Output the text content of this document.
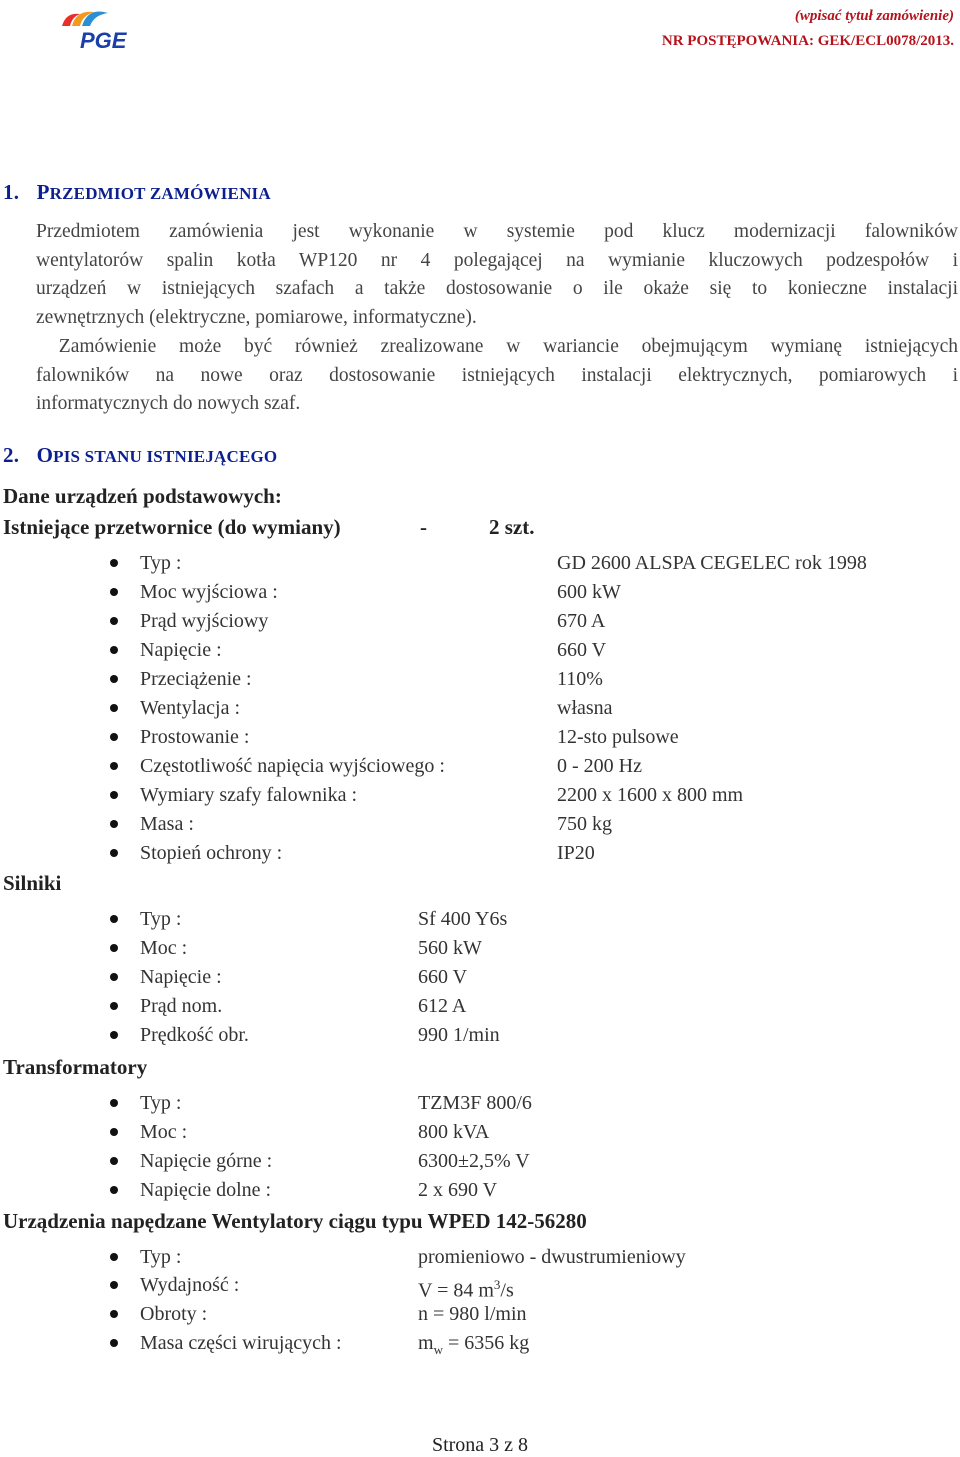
PGE
(wpisać tytuł zamówienie)
NR POSTĘPOWANIA: GEK/ECL0078/2013.
1. PRZEDMIOT ZAMÓWIENIA
Przedmiotem zamówienia jest wykonanie w systemie pod klucz modernizacji falowników
wentylatorów spalin kotła WP120 nr 4 polegającej na wymianie kluczowych podzespołów i
urządzeń w istniejących szafach a także dostosowanie o ile okaże się to konieczne instalacji
zewnętrznych (elektryczne, pomiarowe, informatyczne).
Zamówienie może być również zrealizowane w wariancie obejmującym wymianę istniejących
falowników na nowe oraz dostosowanie istniejących instalacji elektrycznych, pomiarowych i
informatycznych do nowych szaf.
2. OPIS STANU ISTNIEJĄCEGO
Dane urządzeń podstawowych:
Istniejące przetwornice (do wymiany)	-	2 szt.
Typ :	GD 2600 ALSPA CEGELEC rok 1998
Moc wyjściowa :	600 kW
Prąd wyjściowy	670 A
Napięcie :	660 V
Przeciążenie :	110%
Wentylacja :	własna
Prostowanie :	12-sto pulsowe
Częstotliwość napięcia wyjściowego :	0 - 200 Hz
Wymiary szafy falownika :	2200 x 1600 x 800 mm
Masa :	750 kg
Stopień ochrony :	IP20
Silniki
Typ :	Sf 400 Y6s
Moc :	560 kW
Napięcie :	660 V
Prąd nom.	612 A
Prędkość obr.	990 1/min
Transformatory
Typ :	TZM3F 800/6
Moc :	800 kVA
Napięcie górne :	6300±2,5% V
Napięcie dolne :	2 x 690 V
Urządzenia napędzane Wentylatory ciągu typu WPED 142-56280
Typ :	promieniowo - dwustrumieniowy
Wydajność :	V = 84 $m^3/s$
Obroty :	n = 980 l/min
Masa części wirujących :	$m_w = 6356$ kg
Strona 3 z 8
